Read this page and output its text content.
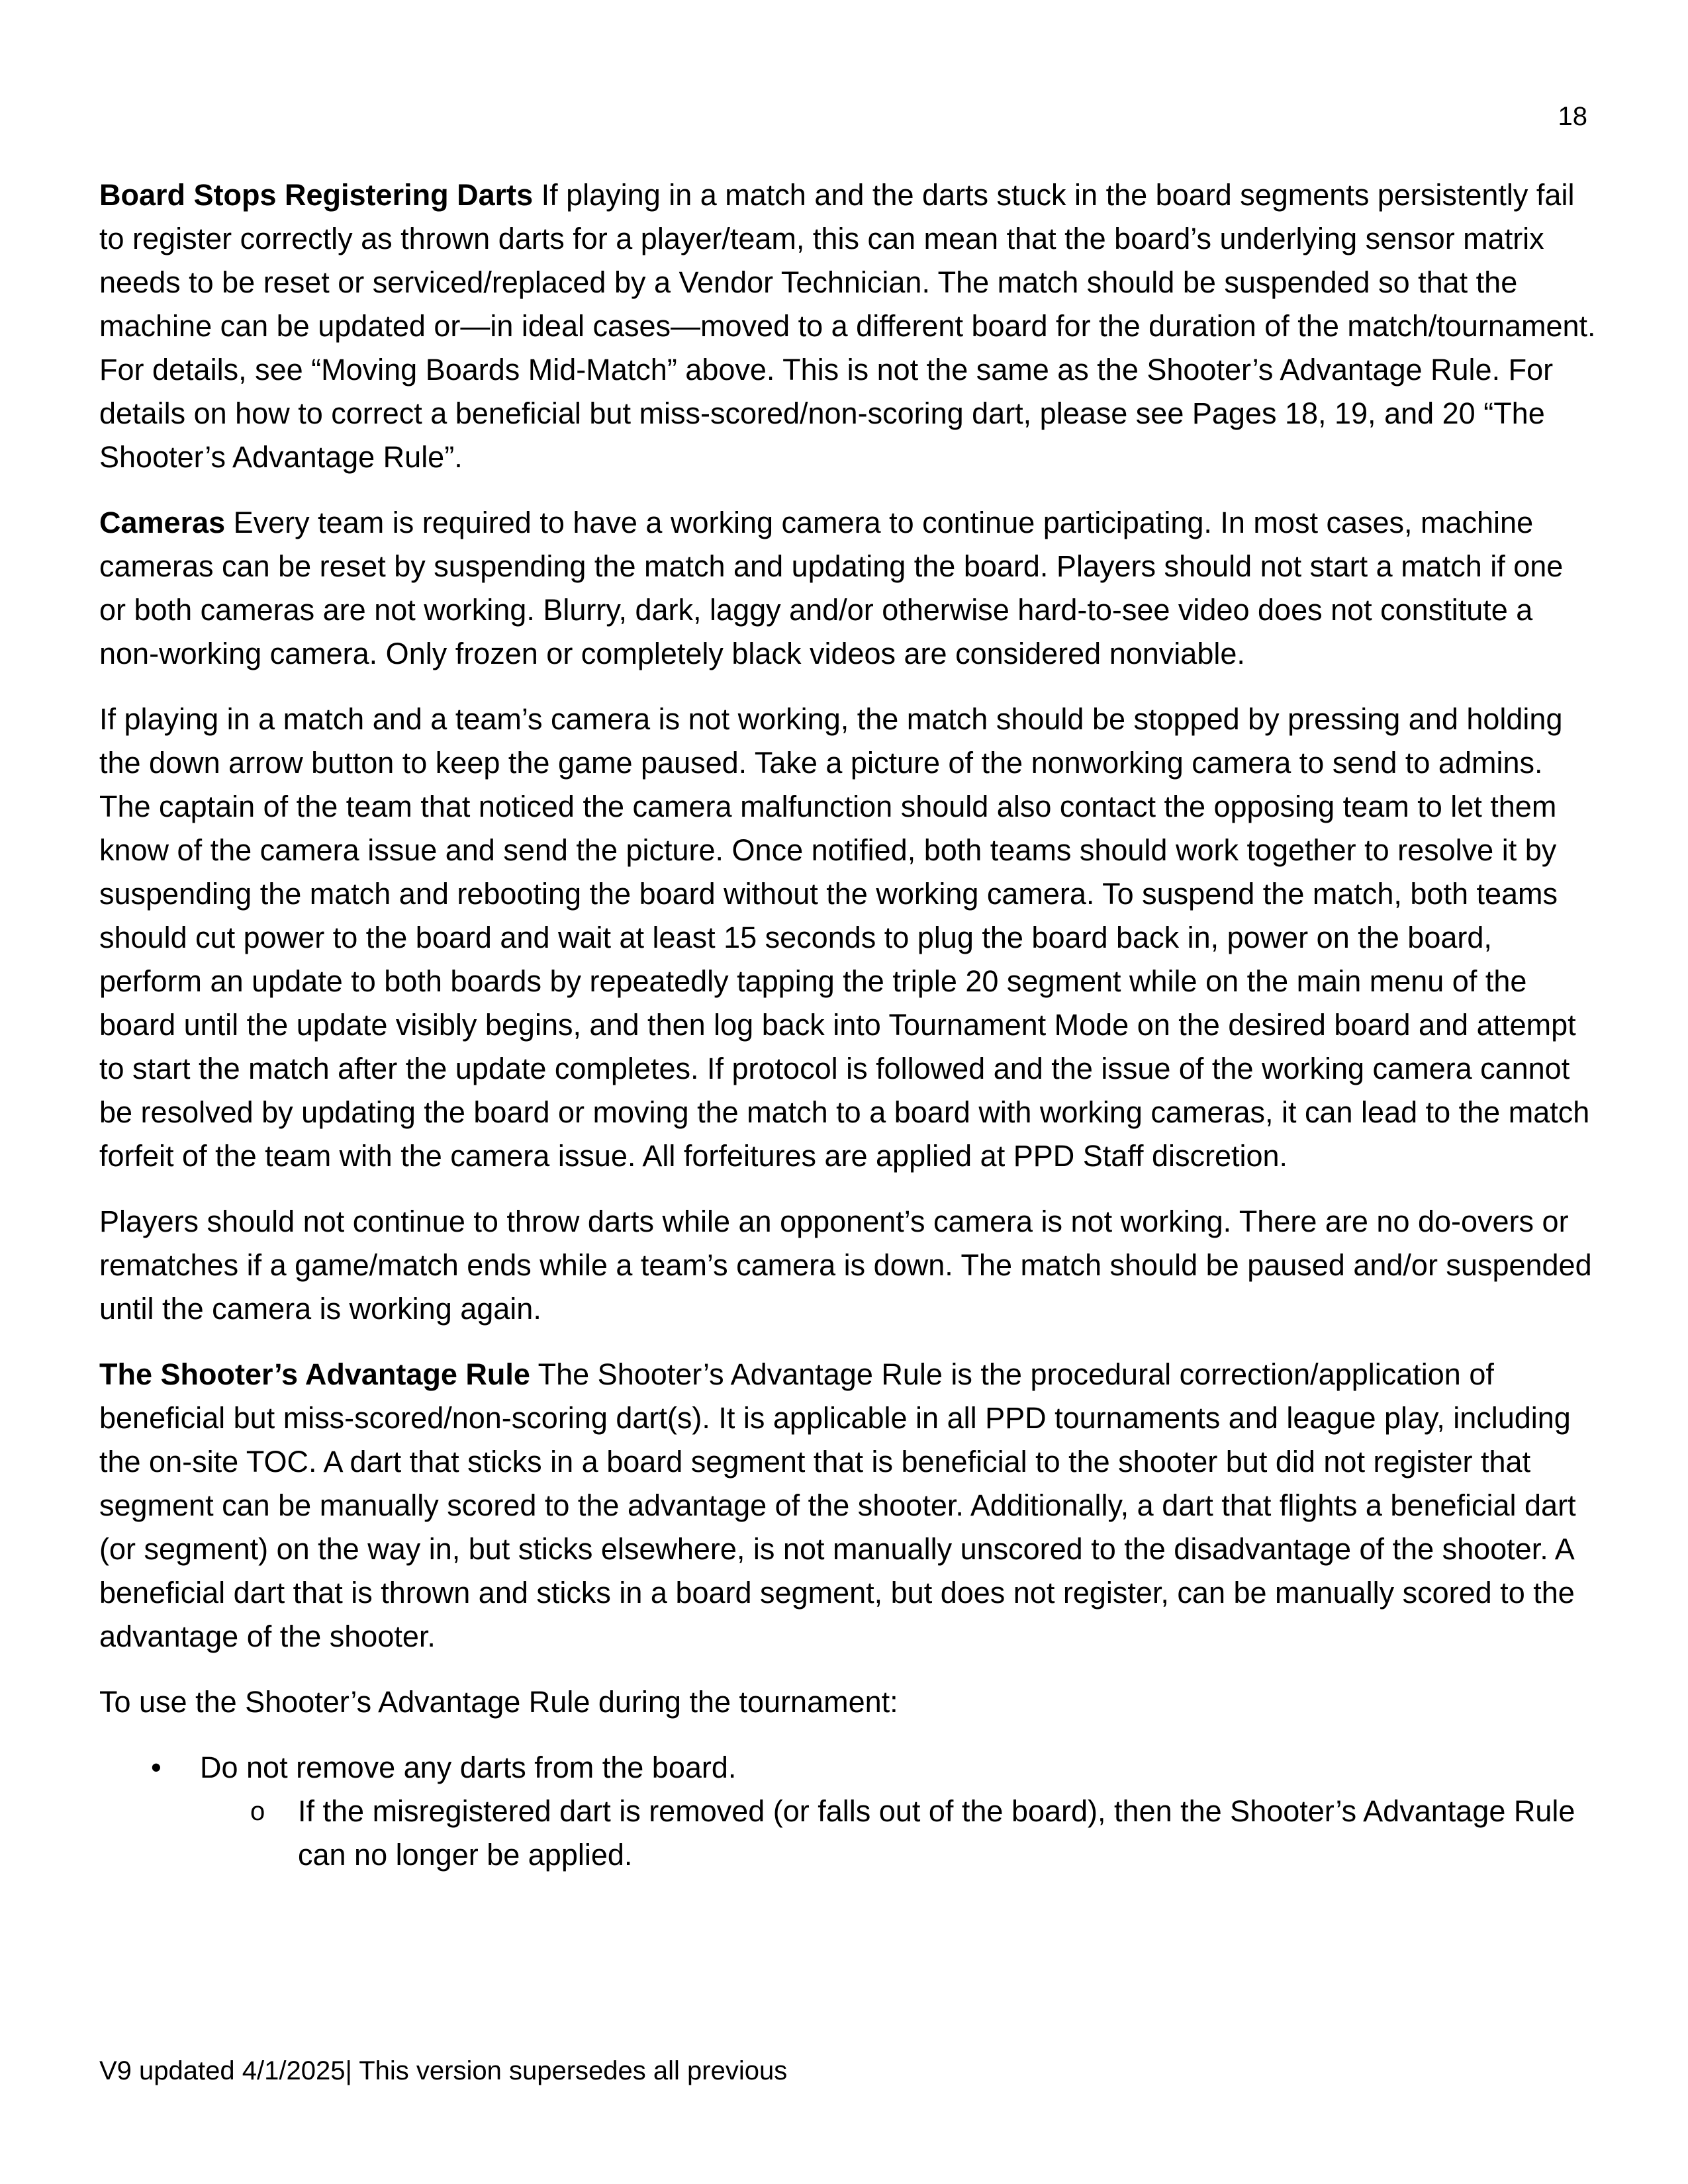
18

Board Stops Registering Darts If playing in a match and the darts stuck in the board segments persistently fail to register correctly as thrown darts for a player/team, this can mean that the board’s underlying sensor matrix needs to be reset or serviced/replaced by a Vendor Technician. The match should be suspended so that the machine can be updated or—in ideal cases—moved to a different board for the duration of the match/tournament. For details, see “Moving Boards Mid-Match” above. This is not the same as the Shooter’s Advantage Rule. For details on how to correct a beneficial but miss-scored/non-scoring dart, please see Pages 18, 19, and 20 “The Shooter’s Advantage Rule”.

Cameras Every team is required to have a working camera to continue participating. In most cases, machine cameras can be reset by suspending the match and updating the board. Players should not start a match if one or both cameras are not working. Blurry, dark, laggy and/or otherwise hard-to-see video does not constitute a non-working camera. Only frozen or completely black videos are considered nonviable.

If playing in a match and a team’s camera is not working, the match should be stopped by pressing and holding the down arrow button to keep the game paused. Take a picture of the nonworking camera to send to admins. The captain of the team that noticed the camera malfunction should also contact the opposing team to let them know of the camera issue and send the picture. Once notified, both teams should work together to resolve it by suspending the match and rebooting the board without the working camera. To suspend the match, both teams should cut power to the board and wait at least 15 seconds to plug the board back in, power on the board, perform an update to both boards by repeatedly tapping the triple 20 segment while on the main menu of the board until the update visibly begins, and then log back into Tournament Mode on the desired board and attempt to start the match after the update completes. If protocol is followed and the issue of the working camera cannot be resolved by updating the board or moving the match to a board with working cameras, it can lead to the match forfeit of the team with the camera issue. All forfeitures are applied at PPD Staff discretion.

Players should not continue to throw darts while an opponent’s camera is not working. There are no do-overs or rematches if a game/match ends while a team’s camera is down. The match should be paused and/or suspended until the camera is working again.

The Shooter’s Advantage Rule The Shooter’s Advantage Rule is the procedural correction/application of beneficial but miss-scored/non-scoring dart(s). It is applicable in all PPD tournaments and league play, including the on-site TOC. A dart that sticks in a board segment that is beneficial to the shooter but did not register that segment can be manually scored to the advantage of the shooter. Additionally, a dart that flights a beneficial dart (or segment) on the way in, but sticks elsewhere, is not manually unscored to the disadvantage of the shooter. A beneficial dart that is thrown and sticks in a board segment, but does not register, can be manually scored to the advantage of the shooter.

To use the Shooter’s Advantage Rule during the tournament:

• Do not remove any darts from the board.
o If the misregistered dart is removed (or falls out of the board), then the Shooter’s Advantage Rule can no longer be applied.
V9 updated 4/1/2025| This version supersedes all previous
